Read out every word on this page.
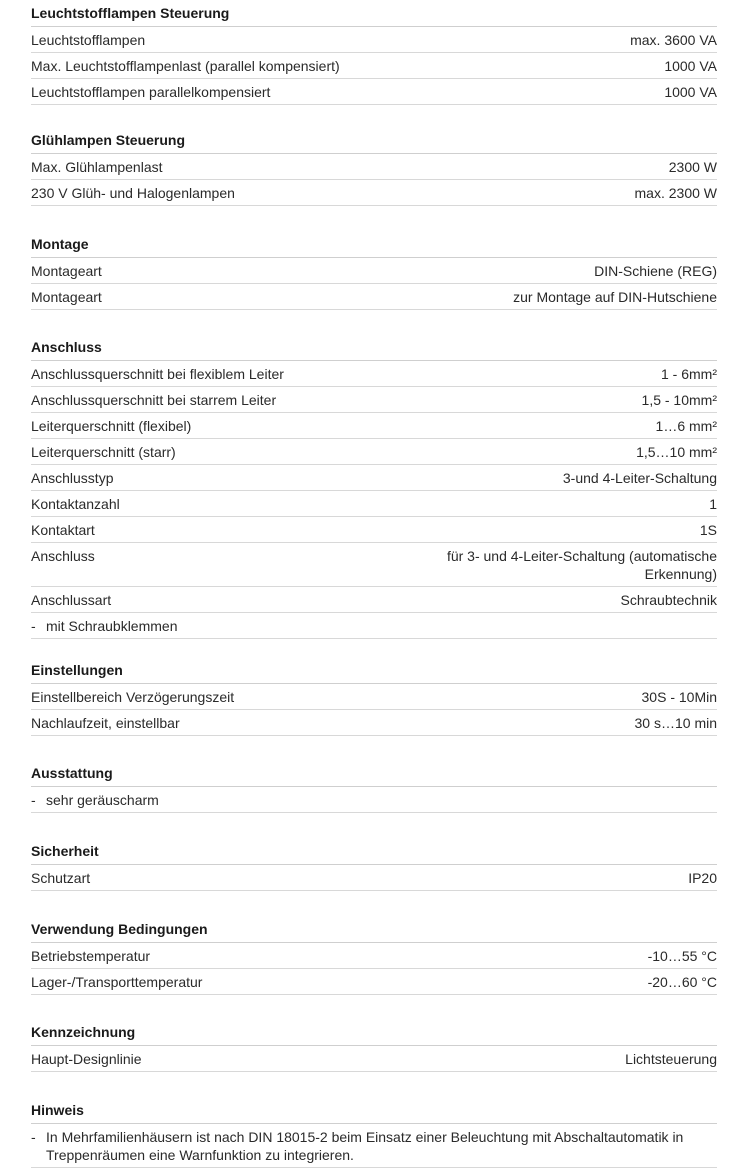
Leuchtstofflampen Steuerung
Leuchtstofflampen	max. 3600 VA
Max. Leuchtstofflampenlast (parallel kompensiert)	1000 VA
Leuchtstofflampen parallelkompensiert	1000 VA
Glühlampen Steuerung
Max. Glühlampenlast	2300 W
230 V Glüh- und Halogenlampen	max. 2300 W
Montage
Montageart	DIN-Schiene (REG)
Montageart	zur Montage auf DIN-Hutschiene
Anschluss
Anschlussquerschnitt bei flexiblem Leiter	1 - 6mm²
Anschlussquerschnitt bei starrem Leiter	1,5 - 10mm²
Leiterquerschnitt (flexibel)	1…6 mm²
Leiterquerschnitt (starr)	1,5…10 mm²
Anschlusstyp	3-und 4-Leiter-Schaltung
Kontaktanzahl	1
Kontaktart	1S
Anschluss	für 3- und 4-Leiter-Schaltung (automatische Erkennung)
Anschlussart	Schraubtechnik
- mit Schraubklemmen
Einstellungen
Einstellbereich Verzögerungszeit	30S - 10Min
Nachlaufzeit, einstellbar	30 s…10 min
Ausstattung
- sehr geräuscharm
Sicherheit
Schutzart	IP20
Verwendung Bedingungen
Betriebstemperatur	-10…55 °C
Lager-/Transporttemperatur	-20…60 °C
Kennzeichnung
Haupt-Designlinie	Lichtsteuerung
Hinweis
- In Mehrfamilienhäusern ist nach DIN 18015-2 beim Einsatz einer Beleuchtung mit Abschaltautomatik in Treppenräumen eine Warnfunktion zu integrieren.
